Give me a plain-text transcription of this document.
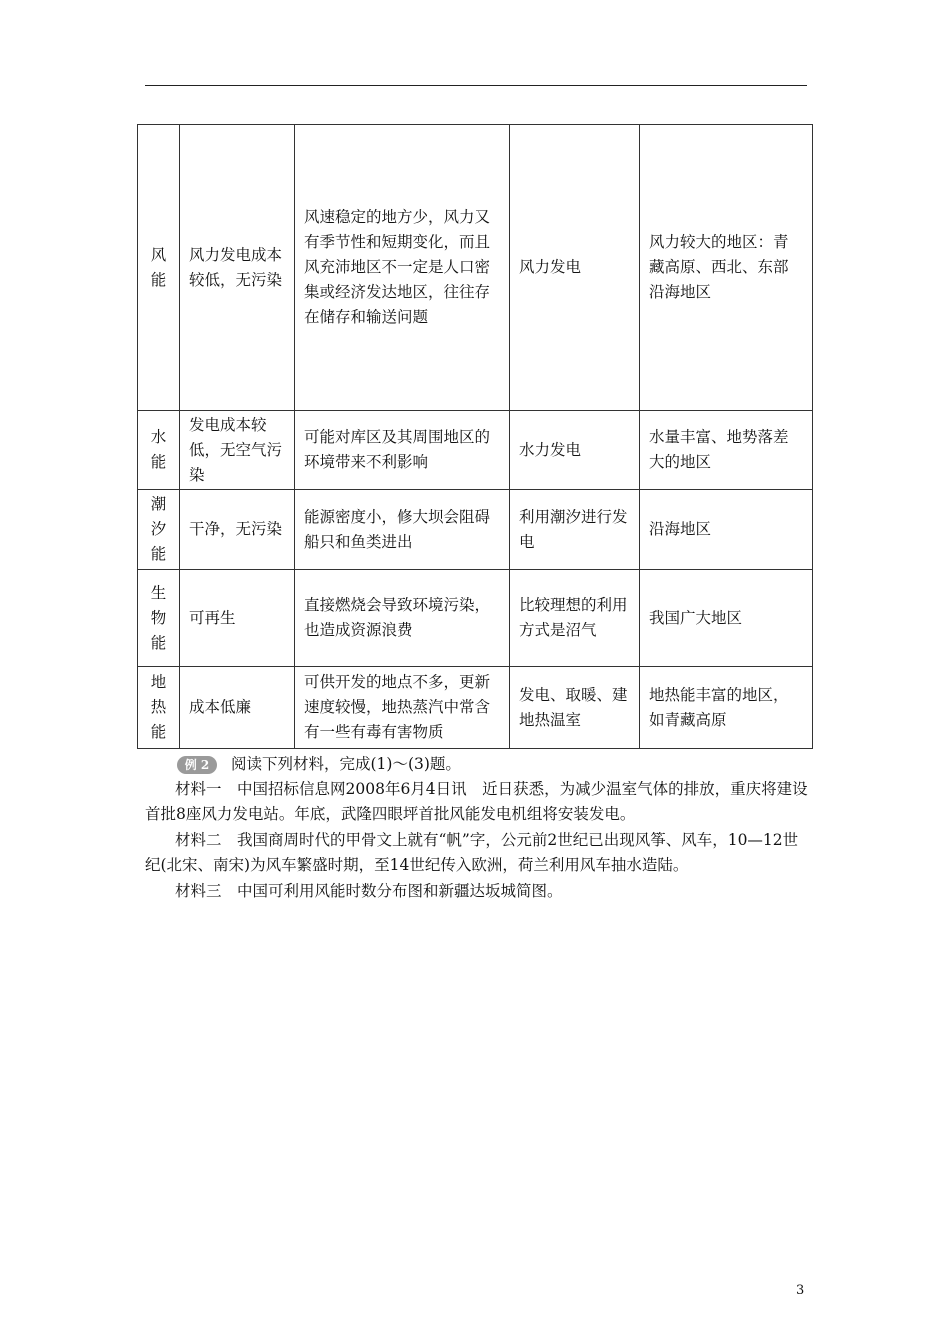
风
能	风力发电成本较低，无污染	风速稳定的地方少，风力又有季节性和短期变化，而且风充沛地区不一定是人口密集或经济发达地区，往往存在储存和输送问题	风力发电	风力较大的地区：青藏高原、西北、东部沿海地区

水
能	发电成本较低，无空气污染	可能对库区及其周围地区的环境带来不利影响	水力发电	水量丰富、地势落差大的地区

潮
汐
能	干净，无污染	能源密度小，修大坝会阻碍船只和鱼类进出	利用潮汐进行发电	沿海地区

生
物
能	可再生	直接燃烧会导致环境污染，也造成资源浪费	比较理想的利用方式是沼气	我国广大地区

地
热
能	成本低廉	可供开发的地点不多，更新速度较慢，地热蒸汽中常含有一些有毒有害物质	发电、取暖、建地热温室	地热能丰富的地区，如青藏高原
例 2 阅读下列材料，完成(1)～(3)题。
材料一　中国招标信息网2008年6月4日讯　近日获悉，为减少温室气体的排放，重庆将建设首批8座风力发电站。年底，武隆四眼坪首批风能发电机组将安装发电。
材料二　我国商周时代的甲骨文上就有“帆”字，公元前2世纪已出现风筝、风车，10—12世纪(北宋、南宋)为风车繁盛时期，至14世纪传入欧洲，荷兰利用风车抽水造陆。
材料三　中国可利用风能时数分布图和新疆达坂城简图。
3
